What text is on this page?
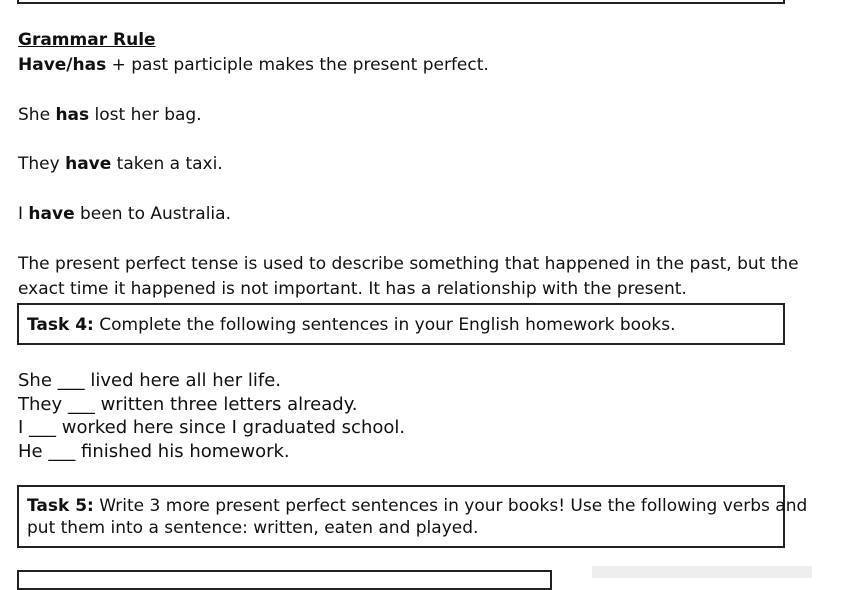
Grammar Rule
Have/has + past participle makes the present perfect.
She has lost her bag.
They have taken a taxi.
I have been to Australia.
The present perfect tense is used to describe something that happened in the past, but the
exact time it happened is not important. It has a relationship with the present.
Task 4: Complete the following sentences in your English homework books.
She ___ lived here all her life.
They ___ written three letters already.
I ___ worked here since I graduated school.
He ___ finished his homework.
Task 5: Write 3 more present perfect sentences in your books! Use the following verbs and
put them into a sentence: written, eaten and played.
